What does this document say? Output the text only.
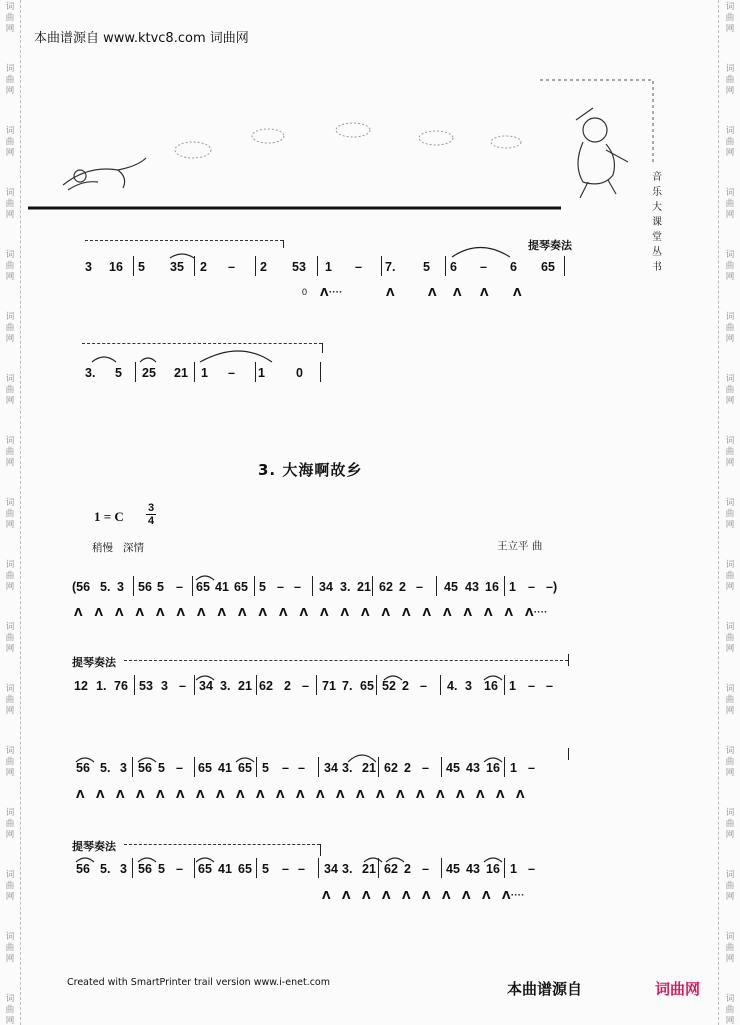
词
曲
网
词
曲
网
词
曲
网
词
曲
网
词
曲
网
词
曲
网
词
曲
网
词
曲
网
词
曲
网
词
曲
网
词
曲
网
词
曲
网
词
曲
网
词
曲
网
词
曲
网
词
曲
网
词
曲
网
词
曲
网
词
曲
网
词
曲
网
词
曲
网
词
曲
网
词
曲
网
词
曲
网
词
曲
网
词
曲
网
词
曲
网
词
曲
网
词
曲
网
词
曲
网
词
曲
网
词
曲
网
词
曲
网
词
曲
网
本曲谱源自 www.ktvc8.com 词曲网
音
乐
大
课
堂
丛
书
提琴奏法
3 16 5 35 2 – 2 53 1 – 7. 5 6 – 6 65
0 Λᐧᐧᐧᐧ	Λ	Λ Λ Λ Λ
3. 5 25 21 1 – 1 0
3. 大海啊故乡
1 = C
3
4
稍慢   深情	王立平 曲
(56 5. 3 56 5 – 65 41 65 5 – – 34 3. 21 62 2 – 45 43 16 1 – –)
Λ Λ Λ Λ Λ Λ Λ Λ Λ Λ Λ Λ Λ Λ Λ Λ Λ Λ Λ Λ Λ Λ Λᐧᐧᐧᐧ
提琴奏法
12 1. 76 53 3 – 34 3. 21 62 2 – 71 7. 65 52 2 – 4. 3 16 1 – –
56 5. 3 56 5 – 65 41 65 5 – – 34 3. 21 62 2 – 45 43 16 1 –
Λ Λ Λ Λ Λ Λ Λ Λ Λ Λ Λ Λ Λ Λ Λ Λ Λ Λ Λ Λ Λ Λ Λ
提琴奏法
56 5. 3 56 5 – 65 41 65 5 – – 34 3. 21 62 2 – 45 43 16 1 –
Λ Λ Λ Λ Λ Λ Λ Λ Λ Λᐧᐧᐧᐧ
Created with SmartPrinter trail version www.i-enet.com	本曲谱源自	词曲网
